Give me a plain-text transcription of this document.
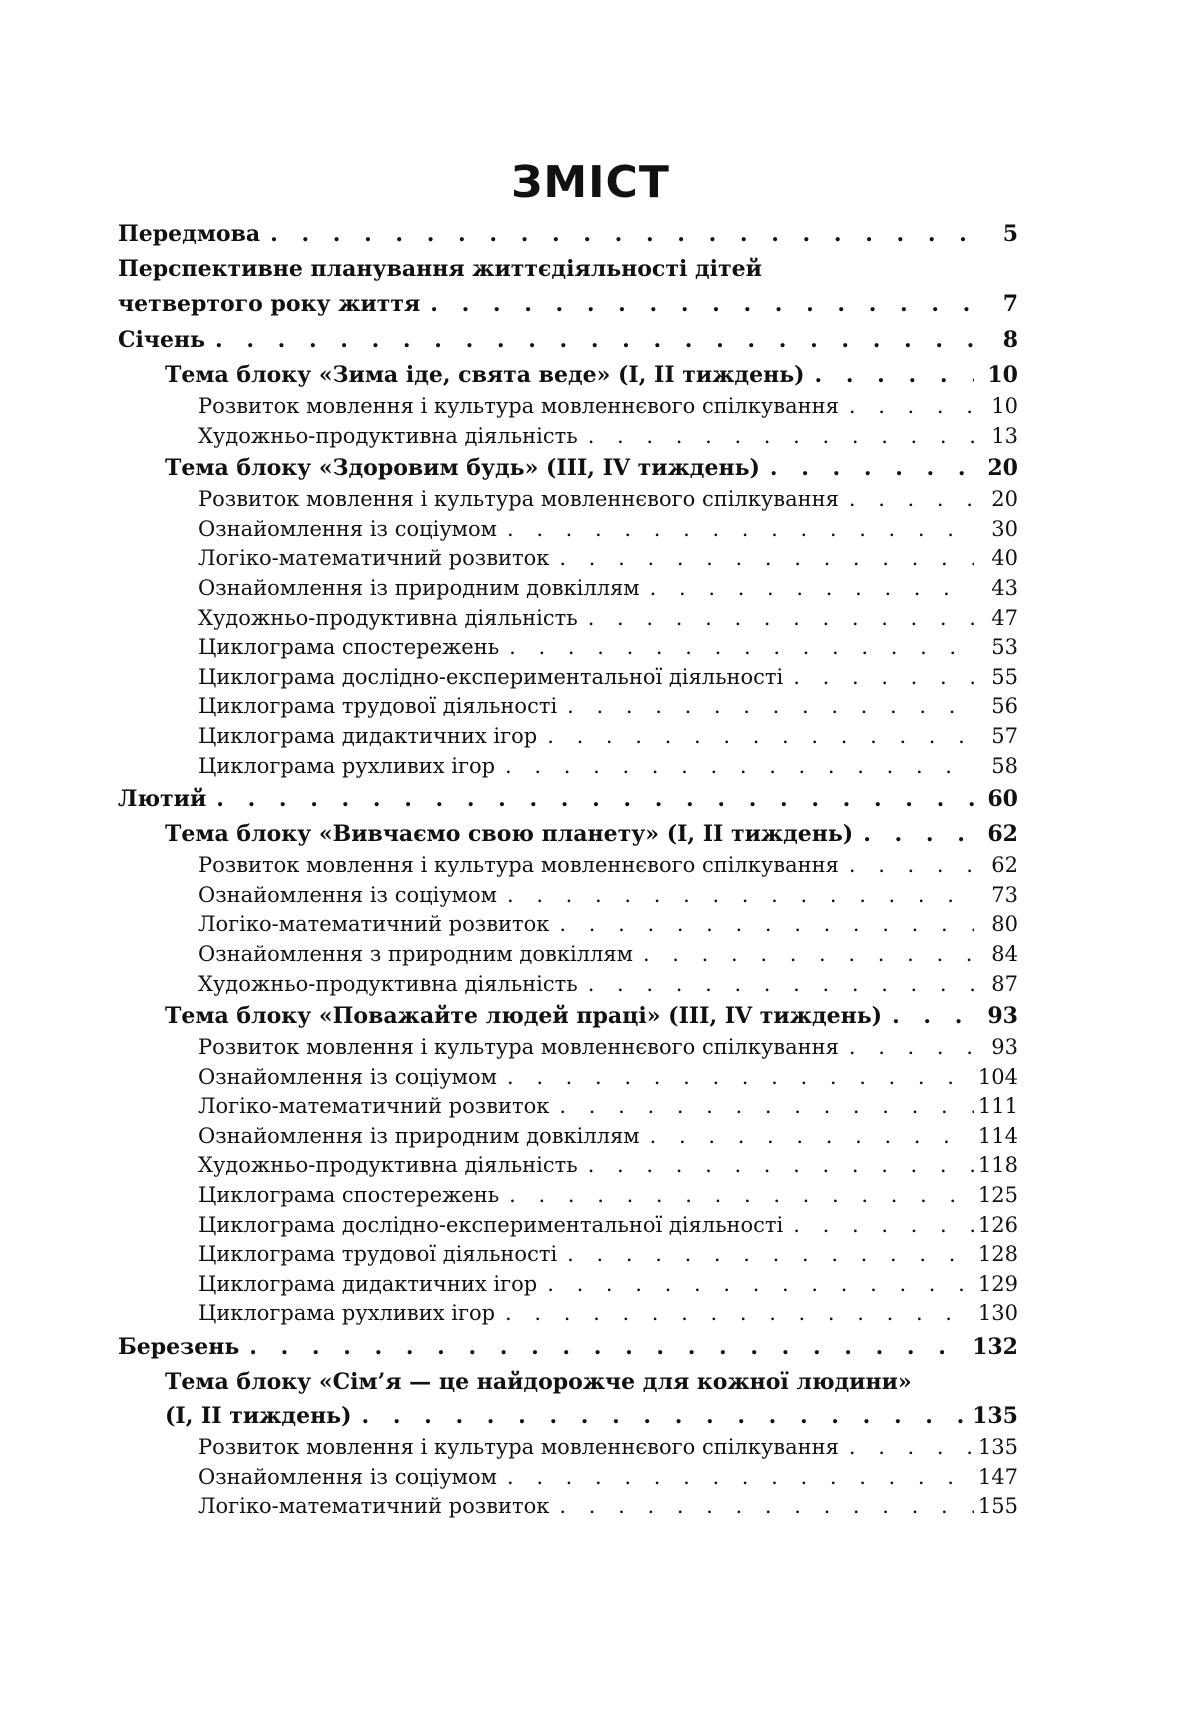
ЗМІСТ
Передмова . . .	5
Перспективне планування життєдіяльності дітей
четвертого року життя . . .	7
Січень . . .	8
Тема блоку «Зима іде, свята веде» (I, II тиждень) . . .	10
Розвиток мовлення і культура мовленнєвого спілкування . . .	10
Художньо-продуктивна діяльність . . .	13
Тема блоку «Здоровим будь» (III, IV тиждень) . . .	20
Розвиток мовлення і культура мовленнєвого спілкування . . .	20
Ознайомлення із соціумом . . .	30
Логіко-математичний розвиток . . .	40
Ознайомлення із природним довкіллям . . .	43
Художньо-продуктивна діяльність . . .	47
Циклограма спостережень . . .	53
Циклограма дослідно-експериментальної діяльності . . .	55
Циклограма трудової діяльності . . .	56
Циклограма дидактичних ігор . . .	57
Циклограма рухливих ігор . . .	58
Лютий . . .	60
Тема блоку «Вивчаємо свою планету» (I, II тиждень) . . .	62
Розвиток мовлення і культура мовленнєвого спілкування . . .	62
Ознайомлення із соціумом . . .	73
Логіко-математичний розвиток . . .	80
Ознайомлення з природним довкіллям . . .	84
Художньо-продуктивна діяльність . . .	87
Тема блоку «Поважайте людей праці» (III, IV тиждень) . . .	93
Розвиток мовлення і культура мовленнєвого спілкування . . .	93
Ознайомлення із соціумом . . .	104
Логіко-математичний розвиток . . .	111
Ознайомлення із природним довкіллям . . .	114
Художньо-продуктивна діяльність . . .	118
Циклограма спостережень . . .	125
Циклограма дослідно-експериментальної діяльності . . .	126
Циклограма трудової діяльності . . .	128
Циклограма дидактичних ігор . . .	129
Циклограма рухливих ігор . . .	130
Березень . . .	132
Тема блоку «Сім’я — це найдорожче для кожної людини»
(I, II тиждень) . . .	135
Розвиток мовлення і культура мовленнєвого спілкування . . .	135
Ознайомлення із соціумом . . .	147
Логіко-математичний розвиток . . .	155
